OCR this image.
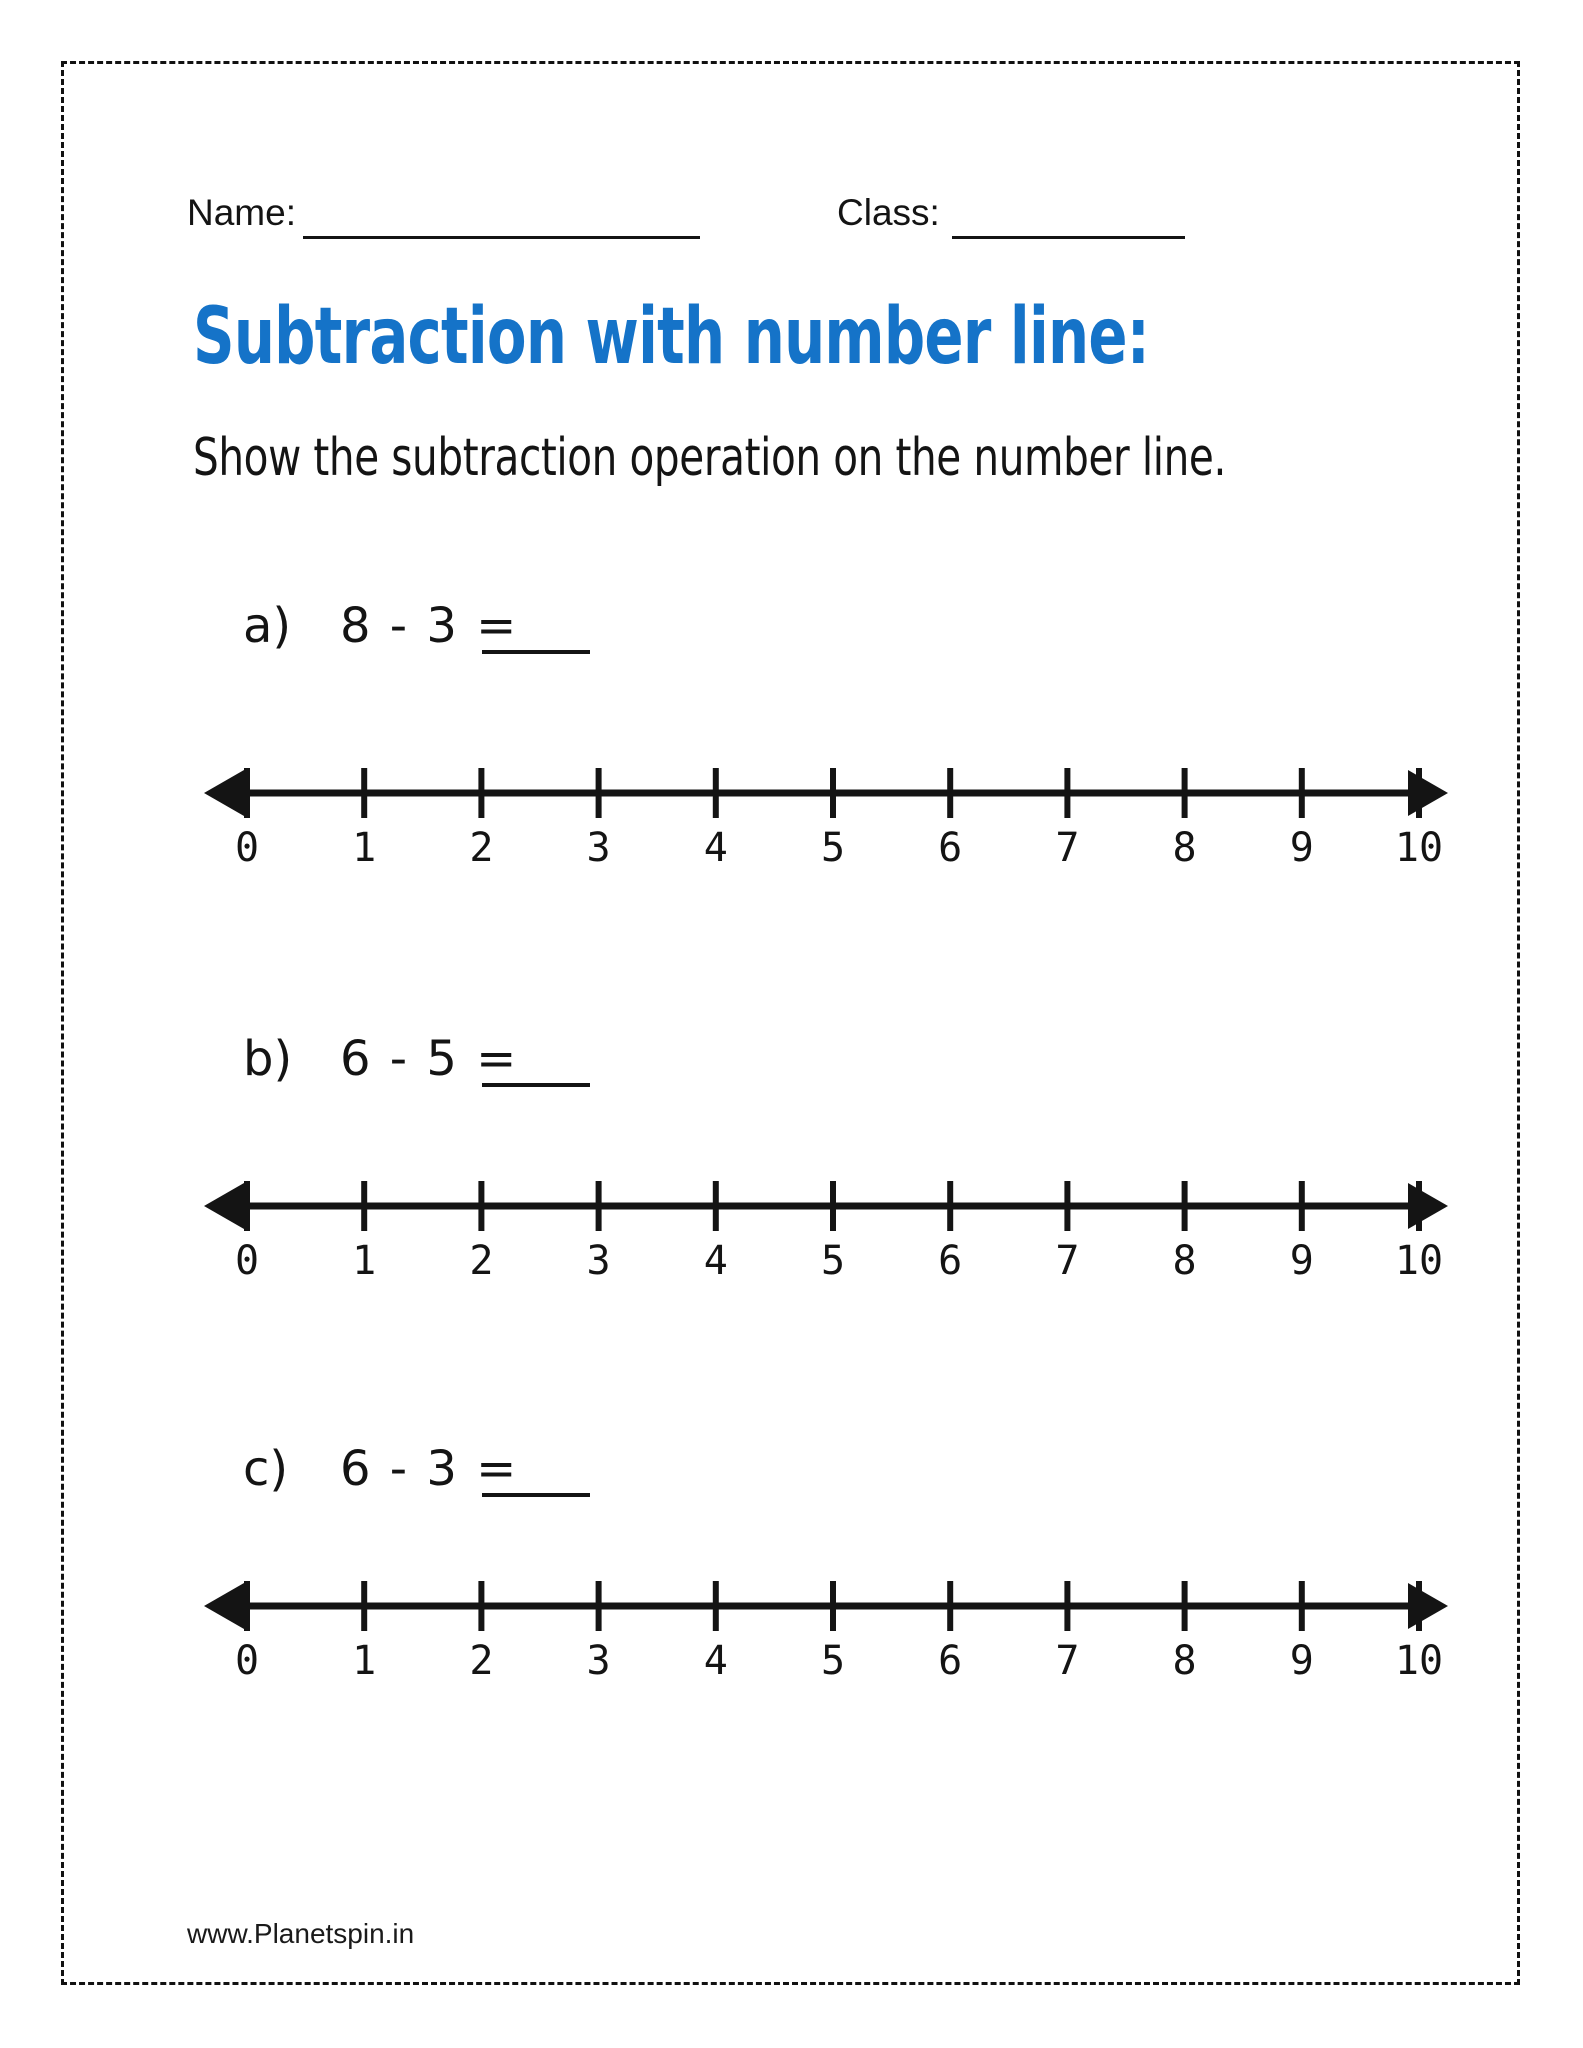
Name:	Class:
Subtraction with number line:

Show the subtraction operation on the number line.

a) 8 - 3 =
0 1 2 3 4 5 6 7 8 9 10
b) 6 - 5 =
0 1 2 3 4 5 6 7 8 9 10
c) 6 - 3 =
0 1 2 3 4 5 6 7 8 9 10
www.Planetspin.in
